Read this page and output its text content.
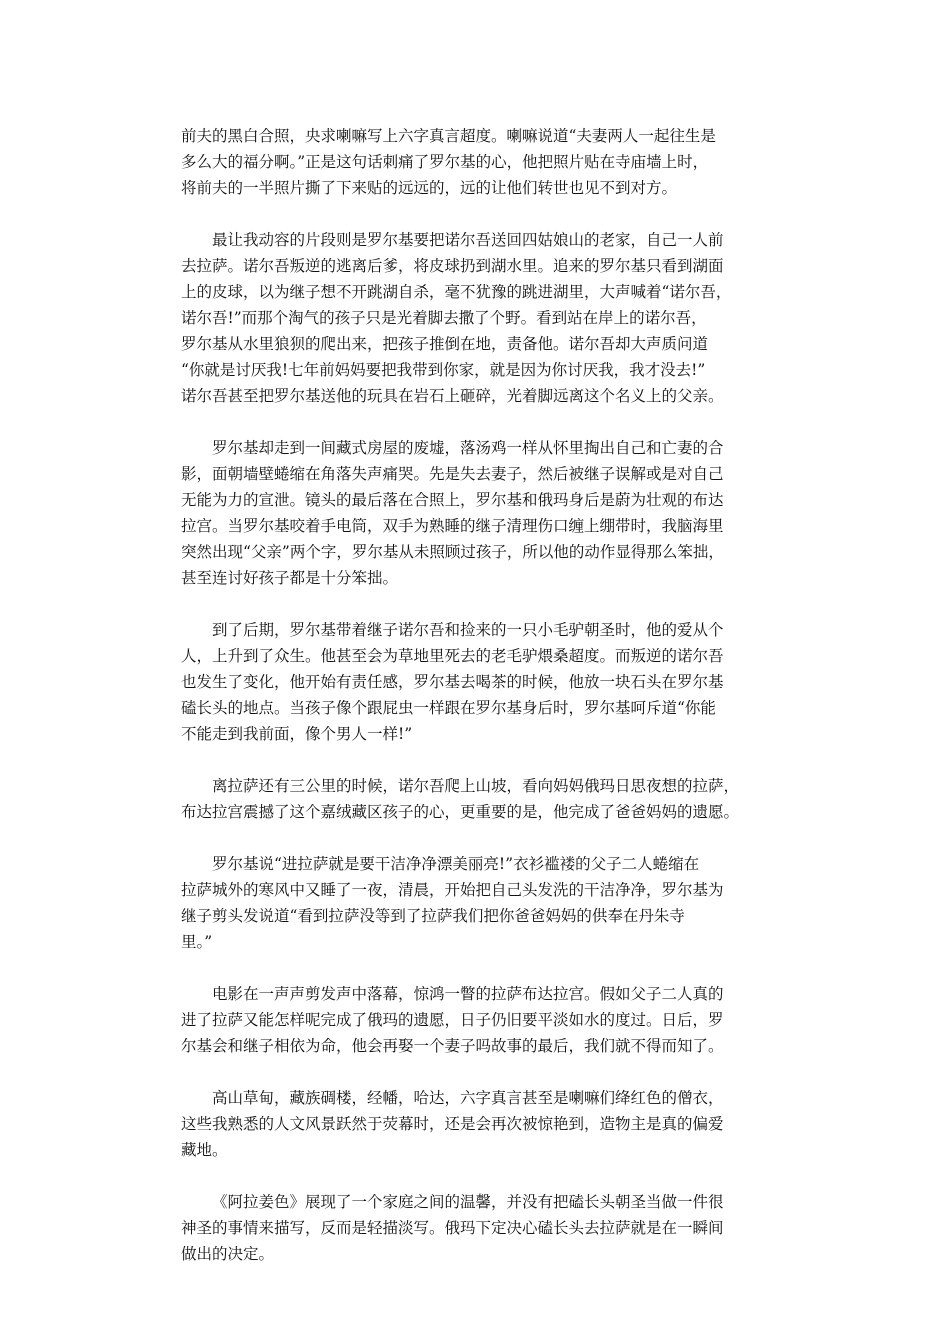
前夫的黑白合照，央求喇嘛写上六字真言超度。喇嘛说道“夫妻两人一起往生是
多么大的福分啊。”正是这句话刺痛了罗尔基的心，他把照片贴在寺庙墙上时，
将前夫的一半照片撕了下来贴的远远的，远的让他们转世也见不到对方。

最让我动容的片段则是罗尔基要把诺尔吾送回四姑娘山的老家，自己一人前
去拉萨。诺尔吾叛逆的逃离后爹，将皮球扔到湖水里。追来的罗尔基只看到湖面
上的皮球，以为继子想不开跳湖自杀，毫不犹豫的跳进湖里，大声喊着“诺尔吾，
诺尔吾!”而那个淘气的孩子只是光着脚去撒了个野。看到站在岸上的诺尔吾，
罗尔基从水里狼狈的爬出来，把孩子推倒在地，责备他。诺尔吾却大声质问道
“你就是讨厌我!七年前妈妈要把我带到你家，就是因为你讨厌我，我才没去!”
诺尔吾甚至把罗尔基送他的玩具在岩石上砸碎，光着脚远离这个名义上的父亲。

罗尔基却走到一间藏式房屋的废墟，落汤鸡一样从怀里掏出自己和亡妻的合
影，面朝墙壁蜷缩在角落失声痛哭。先是失去妻子，然后被继子误解或是对自己
无能为力的宣泄。镜头的最后落在合照上，罗尔基和俄玛身后是蔚为壮观的布达
拉宫。当罗尔基咬着手电筒，双手为熟睡的继子清理伤口缠上绷带时，我脑海里
突然出现“父亲”两个字，罗尔基从未照顾过孩子，所以他的动作显得那么笨拙，
甚至连讨好孩子都是十分笨拙。

到了后期，罗尔基带着继子诺尔吾和捡来的一只小毛驴朝圣时，他的爱从个
人，上升到了众生。他甚至会为草地里死去的老毛驴煨桑超度。而叛逆的诺尔吾
也发生了变化，他开始有责任感，罗尔基去喝茶的时候，他放一块石头在罗尔基
磕长头的地点。当孩子像个跟屁虫一样跟在罗尔基身后时，罗尔基呵斥道“你能
不能走到我前面，像个男人一样!”

离拉萨还有三公里的时候，诺尔吾爬上山坡，看向妈妈俄玛日思夜想的拉萨，
布达拉宫震撼了这个嘉绒藏区孩子的心，更重要的是，他完成了爸爸妈妈的遗愿。

罗尔基说“进拉萨就是要干洁净净漂美丽亮!”衣衫褴褛的父子二人蜷缩在
拉萨城外的寒风中又睡了一夜，清晨，开始把自己头发洗的干洁净净，罗尔基为
继子剪头发说道“看到拉萨没等到了拉萨我们把你爸爸妈妈的供奉在丹朱寺
里。”

电影在一声声剪发声中落幕，惊鸿一瞥的拉萨布达拉宫。假如父子二人真的
进了拉萨又能怎样呢完成了俄玛的遗愿，日子仍旧要平淡如水的度过。日后，罗
尔基会和继子相依为命，他会再娶一个妻子吗故事的最后，我们就不得而知了。

高山草甸，藏族碉楼，经幡，哈达，六字真言甚至是喇嘛们绛红色的僧衣，
这些我熟悉的人文风景跃然于荧幕时，还是会再次被惊艳到，造物主是真的偏爱
藏地。

《阿拉姜色》展现了一个家庭之间的温馨，并没有把磕长头朝圣当做一件很
神圣的事情来描写，反而是轻描淡写。俄玛下定决心磕长头去拉萨就是在一瞬间
做出的决定。
